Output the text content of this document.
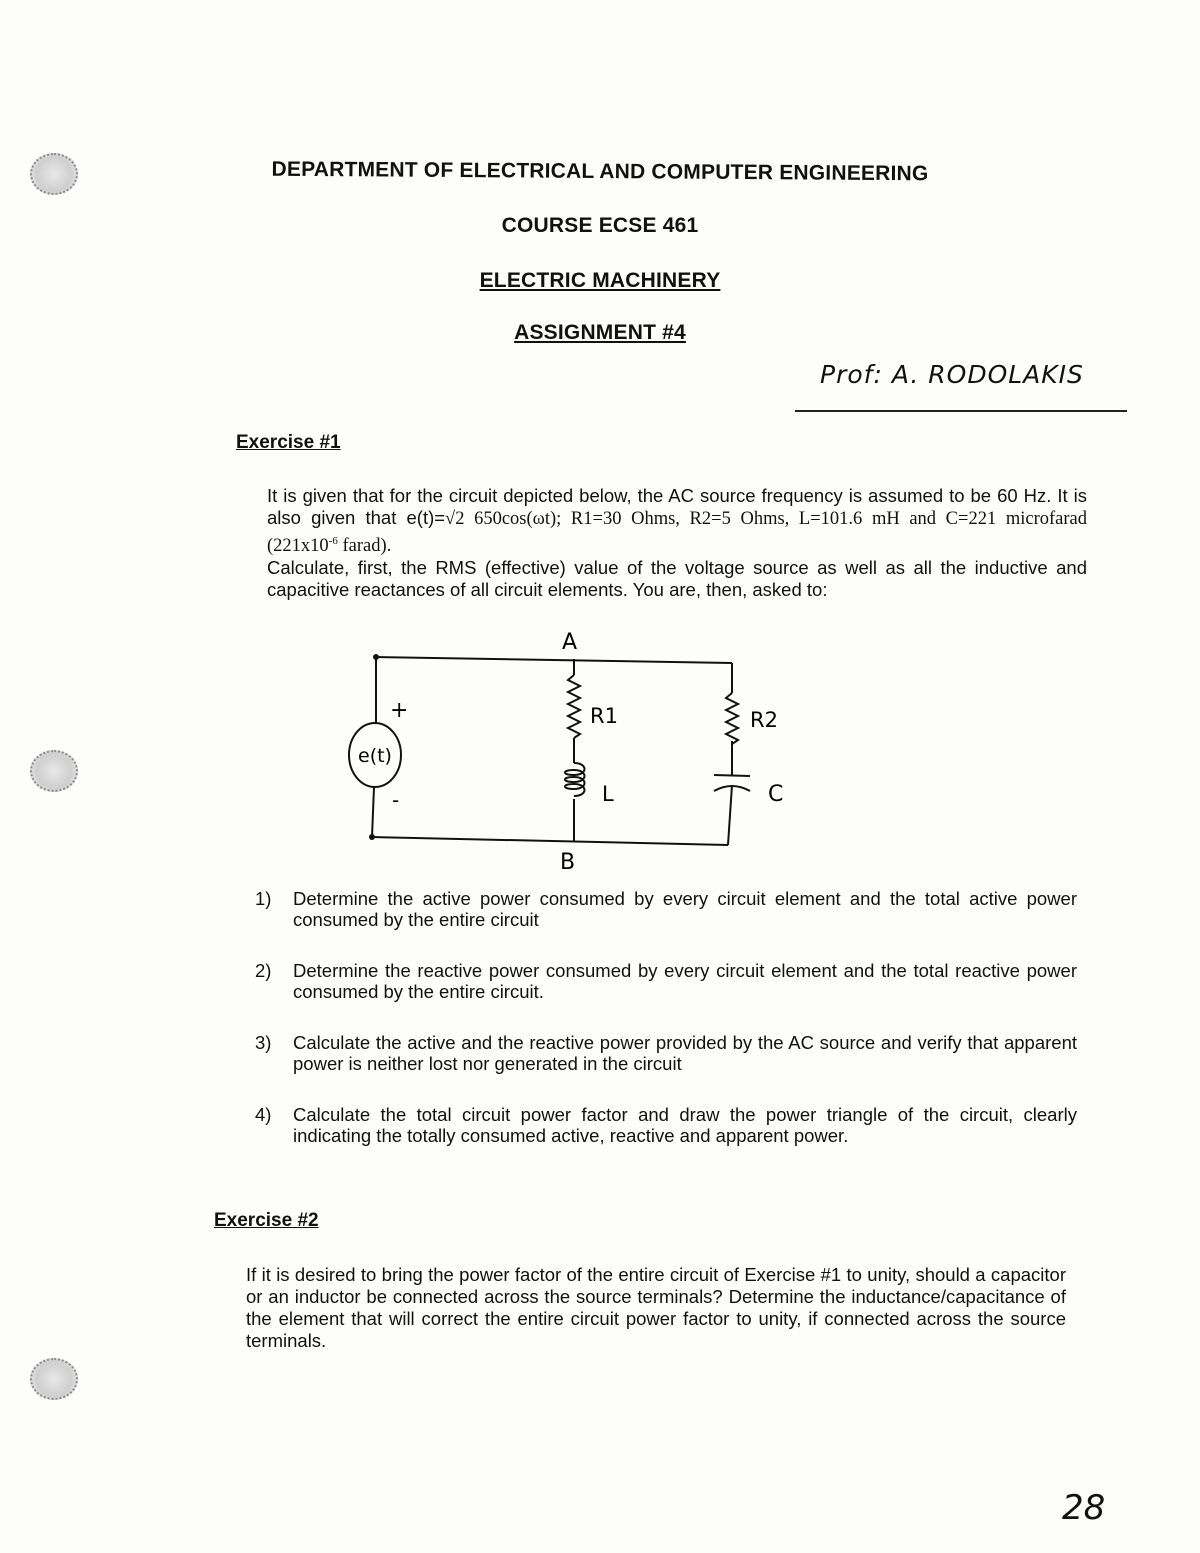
DEPARTMENT OF ELECTRICAL AND COMPUTER ENGINEERING
COURSE ECSE 461
ELECTRIC MACHINERY
ASSIGNMENT #4
Prof: A. RODOLAKIS
Exercise #1

It is given that for the circuit depicted below, the AC source frequency is assumed to be 60 Hz. It is also given that e(t)=√2 650cos(ωt); R1=30 Ohms, R2=5 Ohms, L=101.6 mH and C=221 microfarad ($221x10^{-6}$ farad).

Calculate, first, the RMS (effective) value of the voltage source as well as all the inductive and capacitive reactances of all circuit elements. You are, then, asked to:

A
B
e(t)
+
-
R1	R2
L	C
1) Determine the active power consumed by every circuit element and the total active power consumed by the entire circuit
2) Determine the reactive power consumed by every circuit element and the total reactive power consumed by the entire circuit.
3) Calculate the active and the reactive power provided by the AC source and verify that apparent power is neither lost nor generated in the circuit
4) Calculate the total circuit power factor and draw the power triangle of the circuit, clearly indicating the totally consumed active, reactive and apparent power.
Exercise #2
If it is desired to bring the power factor of the entire circuit of Exercise #1 to unity, should a capacitor or an inductor be connected across the source terminals? Determine the inductance/capacitance of the element that will correct the entire circuit power factor to unity, if connected across the source terminals.
28
